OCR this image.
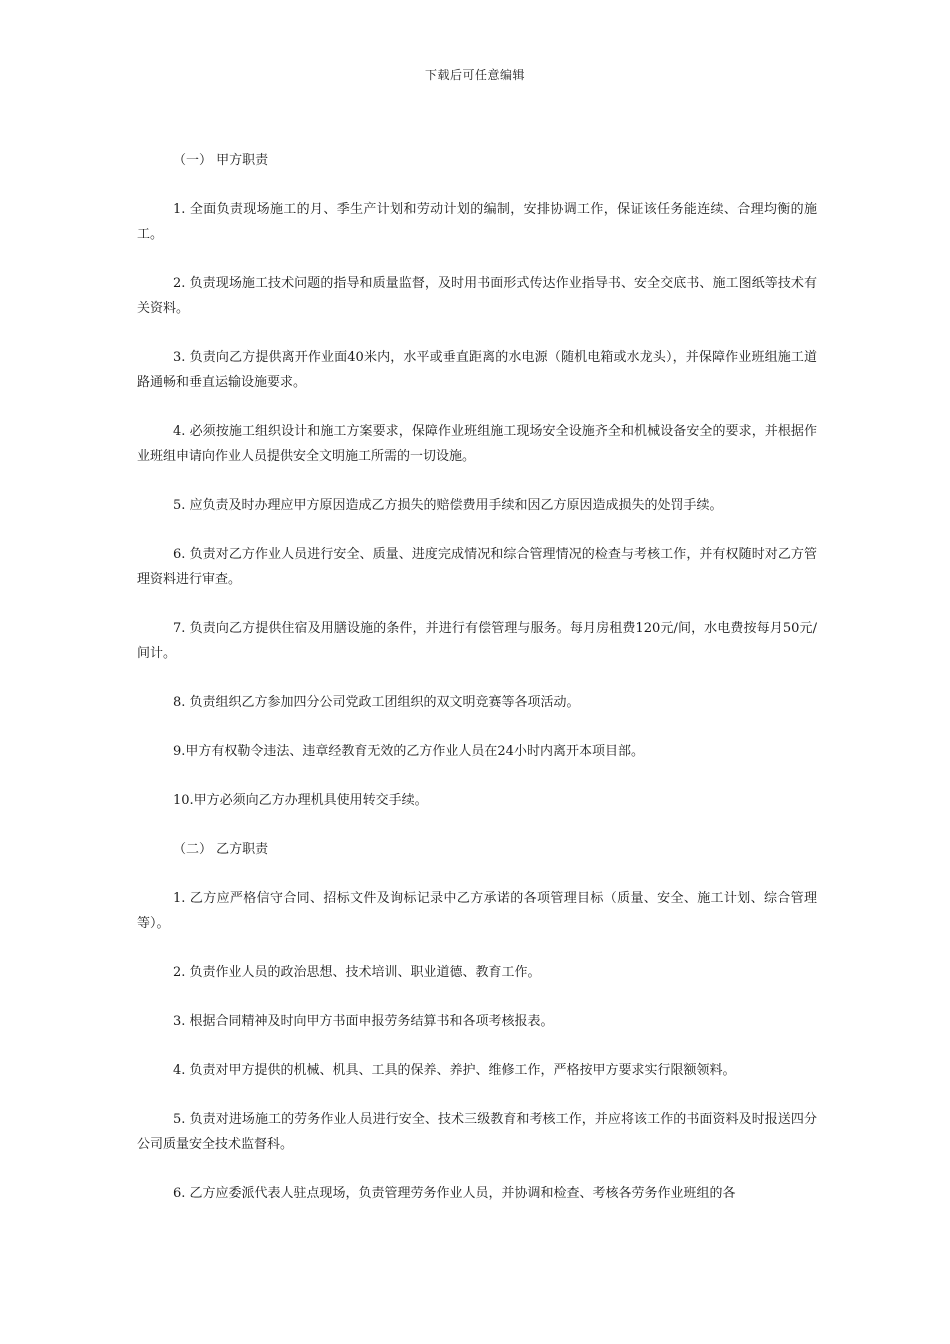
下载后可任意编辑
（一） 甲方职责

1. 全面负责现场施工的月、季生产计划和劳动计划的编制，安排协调工作，保证该任务能连续、合理均衡的施工。

2. 负责现场施工技术问题的指导和质量监督，及时用书面形式传达作业指导书、安全交底书、施工图纸等技术有关资料。

3. 负责向乙方提供离开作业面40米内，水平或垂直距离的水电源（随机电箱或水龙头），并保障作业班组施工道路通畅和垂直运输设施要求。

4. 必须按施工组织设计和施工方案要求，保障作业班组施工现场安全设施齐全和机械设备安全的要求，并根据作业班组申请向作业人员提供安全文明施工所需的一切设施。

5. 应负责及时办理应甲方原因造成乙方损失的赔偿费用手续和因乙方原因造成损失的处罚手续。

6. 负责对乙方作业人员进行安全、质量、进度完成情况和综合管理情况的检查与考核工作，并有权随时对乙方管理资料进行审查。

7. 负责向乙方提供住宿及用膳设施的条件，并进行有偿管理与服务。每月房租费120元/间，水电费按每月50元/间计。

8. 负责组织乙方参加四分公司党政工团组织的双文明竞赛等各项活动。

9.甲方有权勒令违法、违章经教育无效的乙方作业人员在24小时内离开本项目部。

10.甲方必须向乙方办理机具使用转交手续。

（二） 乙方职责

1. 乙方应严格信守合同、招标文件及询标记录中乙方承诺的各项管理目标（质量、安全、施工计划、综合管理等）。

2. 负责作业人员的政治思想、技术培训、职业道德、教育工作。

3. 根据合同精神及时向甲方书面申报劳务结算书和各项考核报表。

4. 负责对甲方提供的机械、机具、工具的保养、养护、维修工作，严格按甲方要求实行限额领料。

5. 负责对进场施工的劳务作业人员进行安全、技术三级教育和考核工作，并应将该工作的书面资料及时报送四分公司质量安全技术监督科。

6. 乙方应委派代表人驻点现场，负责管理劳务作业人员，并协调和检查、考核各劳务作业班组的各
